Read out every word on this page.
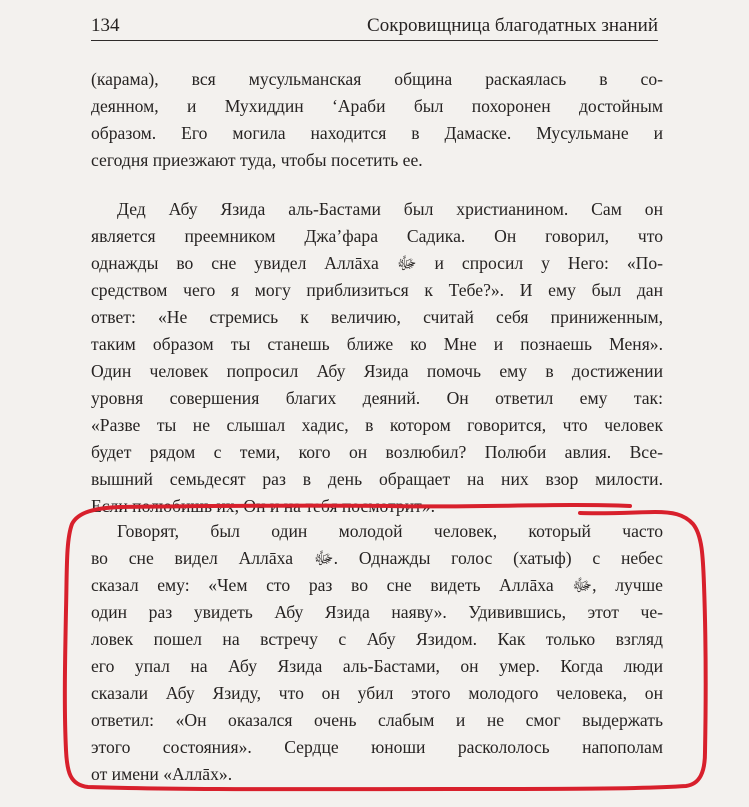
134	Сокровищница благодатных знаний
(карама), вся мусульманская община раскаялась в со-
деянном, и Мухиддин ‘Араби был похоронен достойным
образом. Его могила находится в Дамаске. Мусульмане и
сегодня приезжают туда, чтобы посетить ее.
Дед Абу Язида аль-Бастами был христианином. Сам он
является преемником Джа’фара Садика. Он говорил, что
однажды во сне увидел Аллāха ﷻ и спросил у Него: «По-
средством чего я могу приблизиться к Тебе?». И ему был дан
ответ: «Не стремись к величию, считай себя приниженным,
таким образом ты станешь ближе ко Мне и познаешь Меня».
Один человек попросил Абу Язида помочь ему в достижении
уровня совершения благих деяний. Он ответил ему так:
«Разве ты не слышал хадис, в котором говорится, что человек
будет рядом с теми, кого он возлюбил? Полюби авлия. Все-
вышний семьдесят раз в день обращает на них взор милости.
Если полюбишь их, Он и на тебя посмотрит».
Говорят, был один молодой человек, который часто
во сне видел Аллāха ﷻ. Однажды голос (хатыф) с небес
сказал ему: «Чем сто раз во сне видеть Аллāха ﷻ, лучше
один раз увидеть Абу Язида наяву». Удивившись, этот че-
ловек пошел на встречу с Абу Язидом. Как только взгляд
его упал на Абу Язида аль-Бастами, он умер. Когда люди
сказали Абу Язиду, что он убил этого молодого человека, он
ответил: «Он оказался очень слабым и не смог выдержать
этого состояния». Сердце юноши раскололось напополам
от имени «Аллāх».
